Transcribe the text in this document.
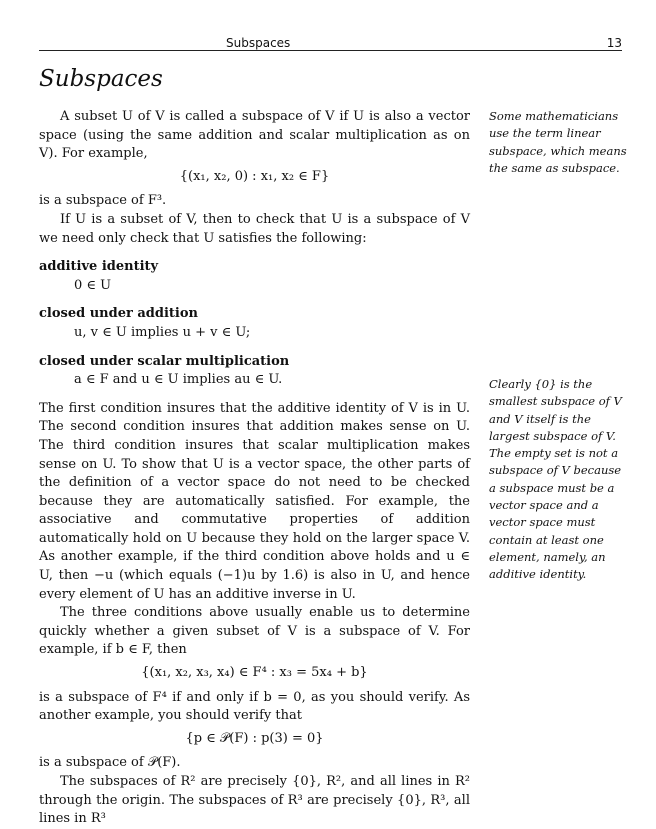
Subspaces	13
Subspaces

A subset U of V is called a subspace of V if U is also a vector space (using the same addition and scalar multiplication as on V). For example,

{(x₁, x₂, 0) : x₁, x₂ ∈ F}

is a subspace of F³.

If U is a subset of V, then to check that U is a subspace of V we need only check that U satisfies the following:

additive identity
0 ∈ U
closed under addition
u, v ∈ U implies u + v ∈ U;
closed under scalar multiplication
a ∈ F and u ∈ U implies au ∈ U.

The first condition insures that the additive identity of V is in U. The second condition insures that addition makes sense on U. The third condition insures that scalar multiplication makes sense on U. To show that U is a vector space, the other parts of the definition of a vector space do not need to be checked because they are automatically satisfied. For example, the associative and commutative properties of addition automatically hold on U because they hold on the larger space V. As another example, if the third condition above holds and u ∈ U, then −u (which equals (−1)u by 1.6) is also in U, and hence every element of U has an additive inverse in U.

The three conditions above usually enable us to determine quickly whether a given subset of V is a subspace of V. For example, if b ∈ F, then

{(x₁, x₂, x₃, x₄) ∈ F⁴ : x₃ = 5x₄ + b}

is a subspace of F⁴ if and only if b = 0, as you should verify. As another example, you should verify that

{p ∈ 𝒫(F) : p(3) = 0}

is a subspace of 𝒫(F).

The subspaces of R² are precisely {0}, R², and all lines in R² through the origin. The subspaces of R³ are precisely {0}, R³, all lines in R³

Some mathematicians use the term linear subspace, which means the same as subspace.
Clearly {0} is the smallest subspace of V and V itself is the largest subspace of V. The empty set is not a subspace of V because a subspace must be a vector space and a vector space must contain at least one element, namely, an additive identity.
